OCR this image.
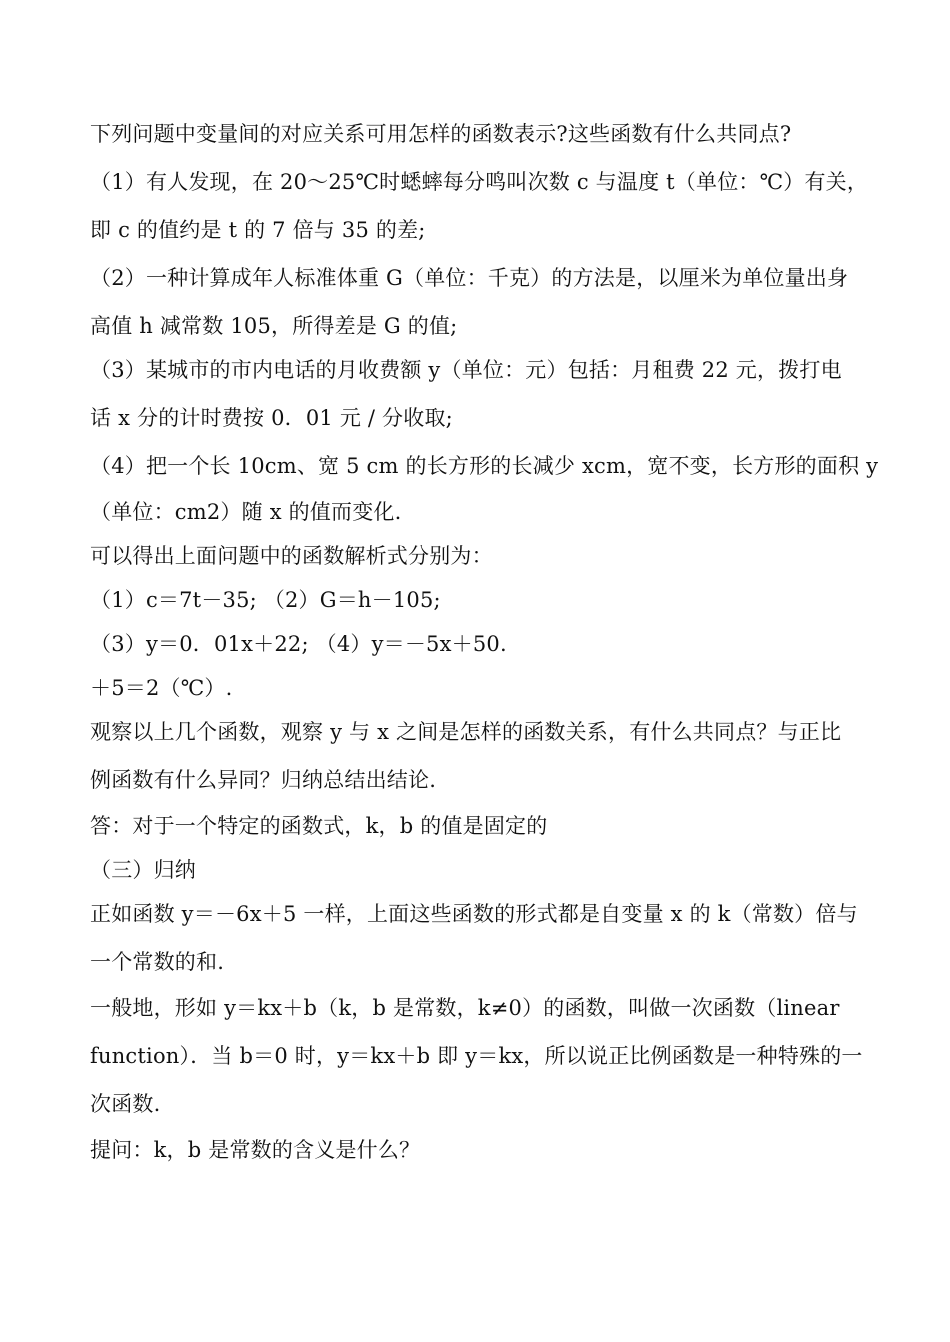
下列问题中变量间的对应关系可用怎样的函数表示?这些函数有什么共同点?
（1）有人发现，在 20～25℃时蟋蟀每分鸣叫次数 c 与温度 t（单位：℃）有关，
即 c 的值约是 t 的 7 倍与 35 的差;
（2）一种计算成年人标准体重 G（单位：千克）的方法是，以厘米为单位量出身
高值 h 减常数 105，所得差是 G 的值;
（3）某城市的市内电话的月收费额 y（单位：元）包括：月租费 22 元，拨打电
话 x 分的计时费按 0．01 元 / 分收取;
（4）把一个长 10cm、宽 5 cm 的长方形的长减少 xcm，宽不变，长方形的面积 y
（单位：cm2）随 x 的值而变化.
可以得出上面问题中的函数解析式分别为：
（1）c＝7t－35; （2）G＝h－105;
（3）y＝0．01x＋22; （4）y＝－5x＋50.
＋5＝2（℃）.
观察以上几个函数，观察 y 与 x 之间是怎样的函数关系，有什么共同点？与正比
例函数有什么异同？归纳总结出结论.
答：对于一个特定的函数式，k，b 的值是固定的
（三）归纳
正如函数 y＝－6x＋5 一样，上面这些函数的形式都是自变量 x 的 k（常数）倍与
一个常数的和.
一般地，形如 y＝kx＋b（k，b 是常数，k≠0）的函数，叫做一次函数（linear
function）．当 b＝0 时，y＝kx＋b 即 y＝kx，所以说正比例函数是一种特殊的一
次函数.
提问：k，b 是常数的含义是什么？
